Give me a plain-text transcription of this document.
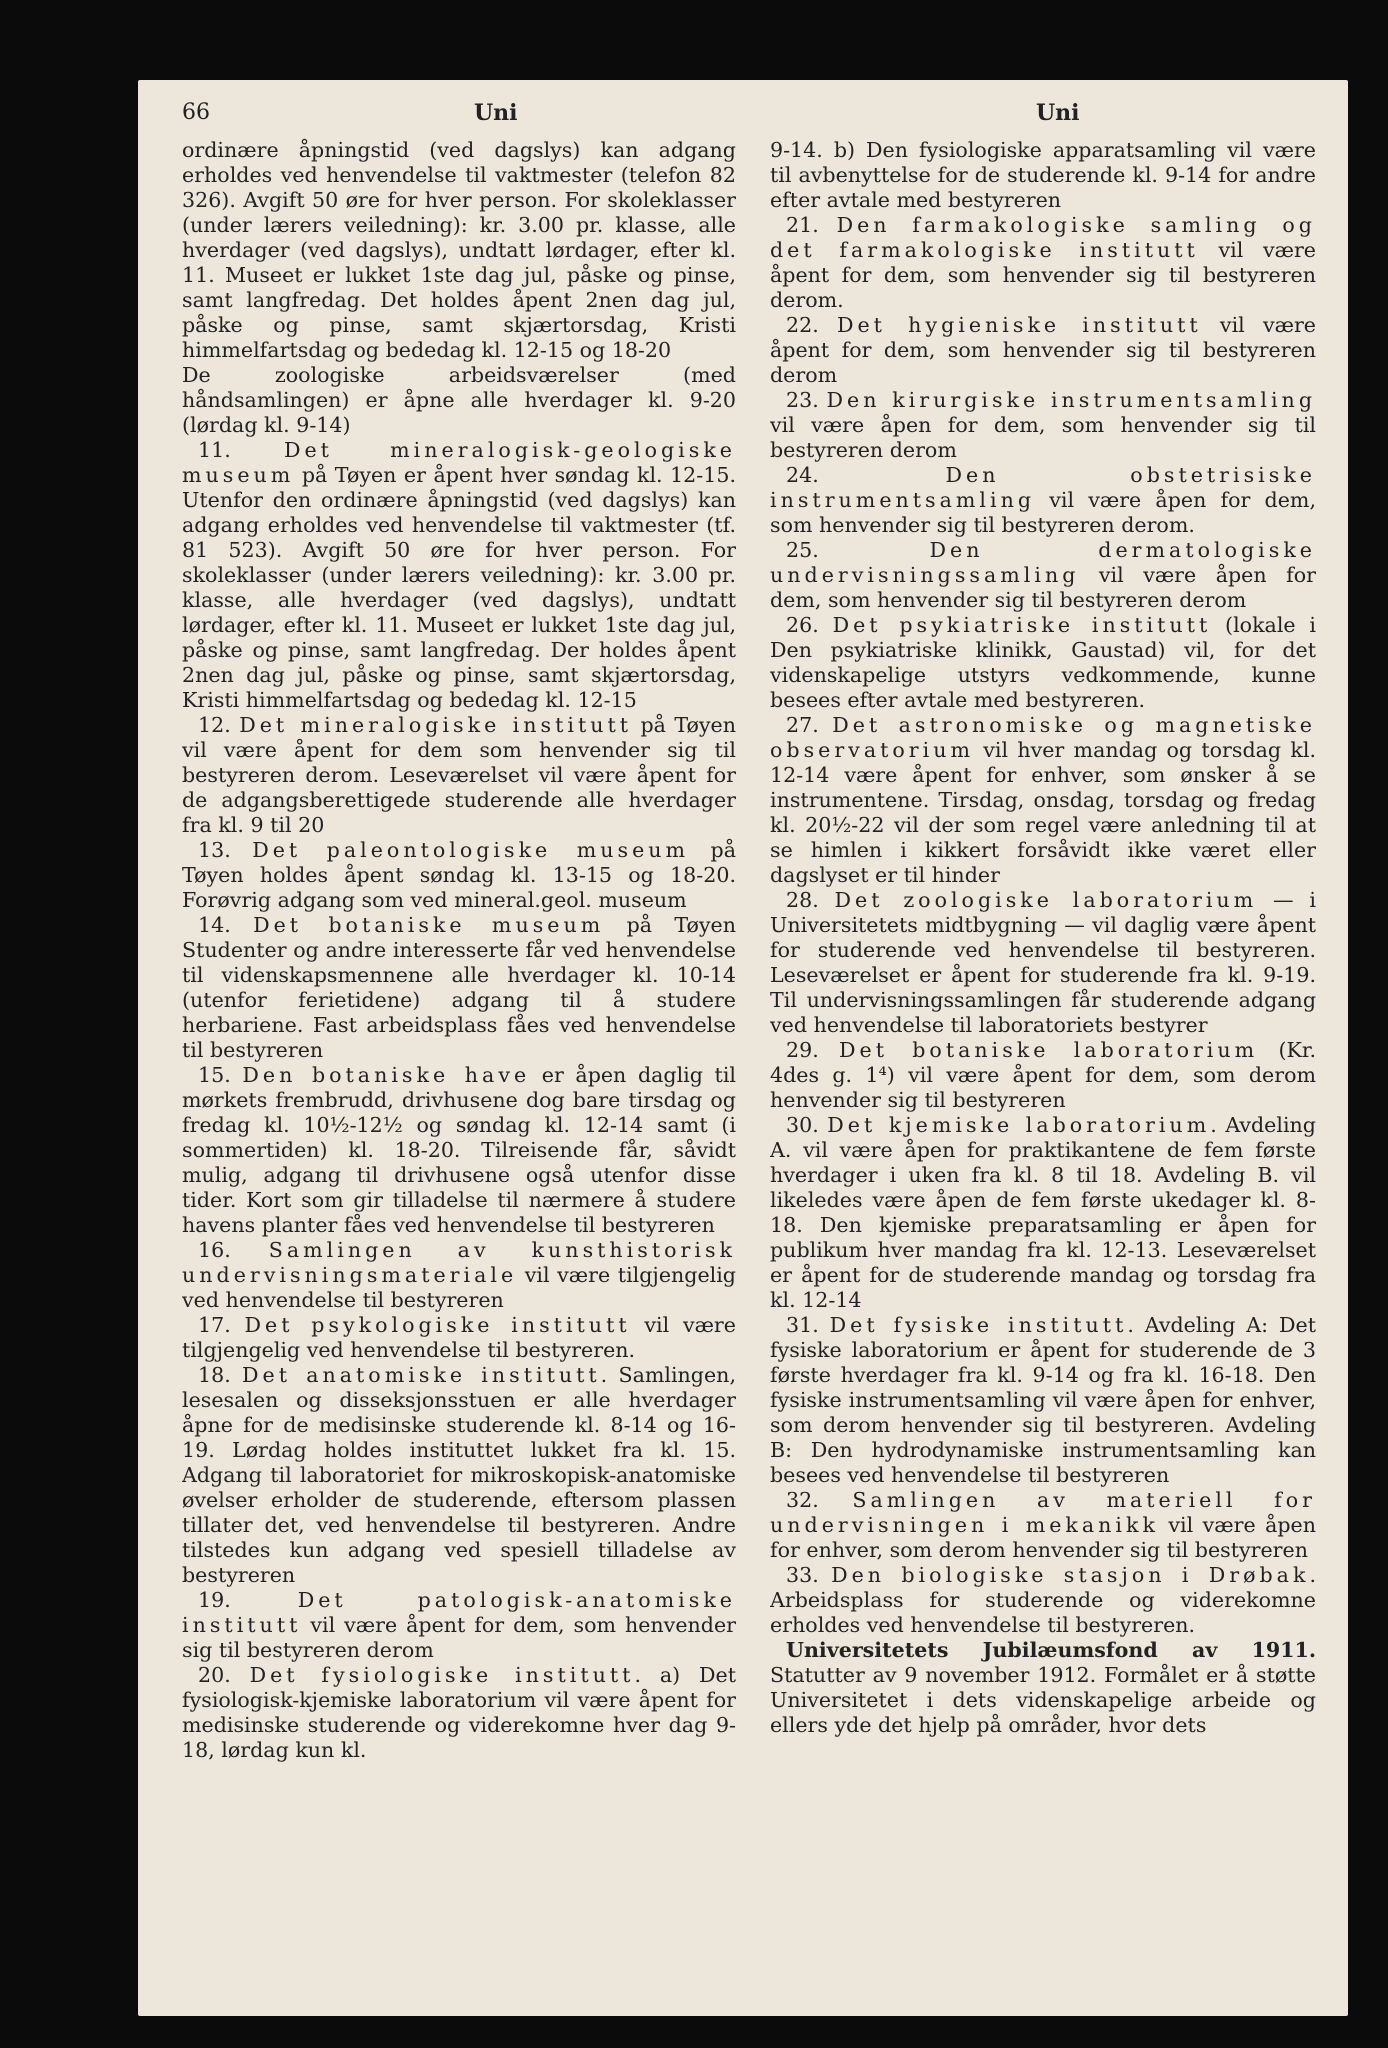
66	Uni	Uni

ordinære åpningstid (ved dagslys) kan adgang erholdes ved henvendelse til vaktmester (telefon 82 326). Avgift 50 øre for hver person. For skoleklasser (under lærers veiledning): kr. 3.00 pr. klasse, alle hverdager (ved dagslys), undtatt lørdager, efter kl. 11. Museet er lukket 1ste dag jul, påske og pinse, samt langfredag. Det holdes åpent 2nen dag jul, påske og pinse, samt skjærtorsdag, Kristi himmelfartsdag og bededag kl. 12-15 og 18-20

De zoologiske arbeidsværelser (med håndsamlingen) er åpne alle hverdager kl. 9-20 (lørdag kl. 9-14)

11. Det mineralogisk-geologiske museum på Tøyen er åpent hver søndag kl. 12-15. Utenfor den ordinære åpningstid (ved dagslys) kan adgang erholdes ved henvendelse til vaktmester (tf. 81 523). Avgift 50 øre for hver person. For skoleklasser (under lærers veiledning): kr. 3.00 pr. klasse, alle hverdager (ved dagslys), undtatt lørdager, efter kl. 11. Museet er lukket 1ste dag jul, påske og pinse, samt langfredag. Der holdes åpent 2nen dag jul, påske og pinse, samt skjærtorsdag, Kristi himmelfartsdag og bededag kl. 12-15

12. Det mineralogiske institutt på Tøyen vil være åpent for dem som henvender sig til bestyreren derom. Leseværelset vil være åpent for de adgangsberettigede studerende alle hverdager fra kl. 9 til 20

13. Det paleontologiske museum på Tøyen holdes åpent søndag kl. 13-15 og 18-20. Forøvrig adgang som ved mineral.geol. museum

14. Det botaniske museum på Tøyen Studenter og andre interesserte får ved henvendelse til videnskapsmennene alle hverdager kl. 10-14 (utenfor ferietidene) adgang til å studere herbariene. Fast arbeidsplass fåes ved henvendelse til bestyreren

15. Den botaniske have er åpen daglig til mørkets frembrudd, drivhusene dog bare tirsdag og fredag kl. 10½-12½ og søndag kl. 12-14 samt (i sommertiden) kl. 18-20. Tilreisende får, såvidt mulig, adgang til drivhusene også utenfor disse tider. Kort som gir tilladelse til nærmere å studere havens planter fåes ved henvendelse til bestyreren

16. Samlingen av kunsthistorisk undervisningsmateriale vil være tilgjengelig ved henvendelse til bestyreren

17. Det psykologiske institutt vil være tilgjengelig ved henvendelse til bestyreren.

18. Det anatomiske institutt. Samlingen, lesesalen og disseksjonsstuen er alle hverdager åpne for de medisinske studerende kl. 8-14 og 16-19. Lørdag holdes instituttet lukket fra kl. 15. Adgang til laboratoriet for mikroskopisk-anatomiske øvelser erholder de studerende, eftersom plassen tillater det, ved henvendelse til bestyreren. Andre tilstedes kun adgang ved spesiell tilladelse av bestyreren

19. Det patologisk-anatomiske institutt vil være åpent for dem, som henvender sig til bestyreren derom

20. Det fysiologiske institutt. a) Det fysiologisk-kjemiske laboratorium vil være åpent for medisinske studerende og viderekomne hver dag 9-18, lørdag kun kl.

9-14. b) Den fysiologiske apparatsamling vil være til avbenyttelse for de studerende kl. 9-14 for andre efter avtale med bestyreren

21. Den farmakologiske samling og det farmakologiske institutt vil være åpent for dem, som henvender sig til bestyreren derom.

22. Det hygieniske institutt vil være åpent for dem, som henvender sig til bestyreren derom

23. Den kirurgiske instrumentsamling vil være åpen for dem, som henvender sig til bestyreren derom

24. Den obstetrisiske instrumentsamling vil være åpen for dem, som henvender sig til bestyreren derom.

25. Den dermatologiske undervisningssamling vil være åpen for dem, som henvender sig til bestyreren derom

26. Det psykiatriske institutt (lokale i Den psykiatriske klinikk, Gaustad) vil, for det videnskapelige utstyrs vedkommende, kunne besees efter avtale med bestyreren.

27. Det astronomiske og magnetiske observatorium vil hver mandag og torsdag kl. 12-14 være åpent for enhver, som ønsker å se instrumentene. Tirsdag, onsdag, torsdag og fredag kl. 20½-22 vil der som regel være anledning til at se himlen i kikkert forsåvidt ikke været eller dagslyset er til hinder

28. Det zoologiske laboratorium — i Universitetets midtbygning — vil daglig være åpent for studerende ved henvendelse til bestyreren. Leseværelset er åpent for studerende fra kl. 9-19. Til undervisningssamlingen får studerende adgang ved henvendelse til laboratoriets bestyrer

29. Det botaniske laboratorium (Kr. 4des g. 1⁴) vil være åpent for dem, som derom henvender sig til bestyreren

30. Det kjemiske laboratorium. Avdeling A. vil være åpen for praktikantene de fem første hverdager i uken fra kl. 8 til 18. Avdeling B. vil likeledes være åpen de fem første ukedager kl. 8-18. Den kjemiske preparatsamling er åpen for publikum hver mandag fra kl. 12-13. Leseværelset er åpent for de studerende mandag og torsdag fra kl. 12-14

31. Det fysiske institutt. Avdeling A: Det fysiske laboratorium er åpent for studerende de 3 første hverdager fra kl. 9-14 og fra kl. 16-18. Den fysiske instrumentsamling vil være åpen for enhver, som derom henvender sig til bestyreren. Avdeling B: Den hydrodynamiske instrumentsamling kan besees ved henvendelse til bestyreren

32. Samlingen av materiell for undervisningen i mekanikk vil være åpen for enhver, som derom henvender sig til bestyreren

33. Den biologiske stasjon i Drøbak. Arbeidsplass for studerende og viderekomne erholdes ved henvendelse til bestyreren.

Universitetets Jubilæumsfond av 1911. Statutter av 9 november 1912. Formålet er å støtte Universitetet i dets videnskapelige arbeide og ellers yde det hjelp på områder, hvor dets
